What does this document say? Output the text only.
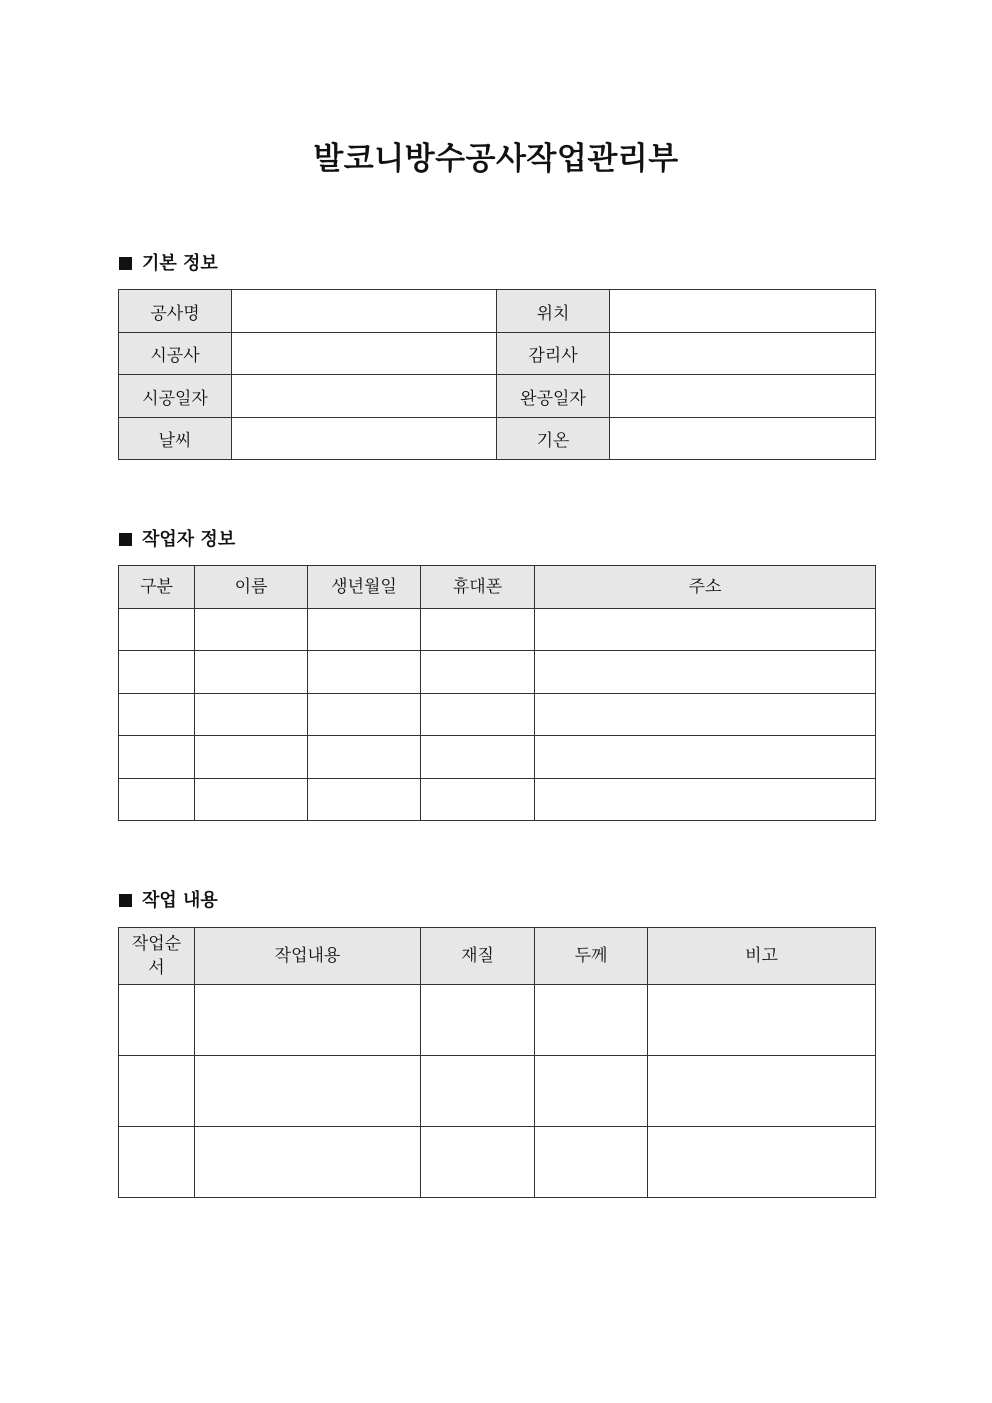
발코니방수공사작업관리부
기본 정보
공사명		위치	
시공사		감리사	
시공일자		완공일자	
날씨		기온	
작업자 정보
구분	이름	생년월일	휴대폰	주소

작업 내용
작업순서	작업내용	재질	두께	비고
